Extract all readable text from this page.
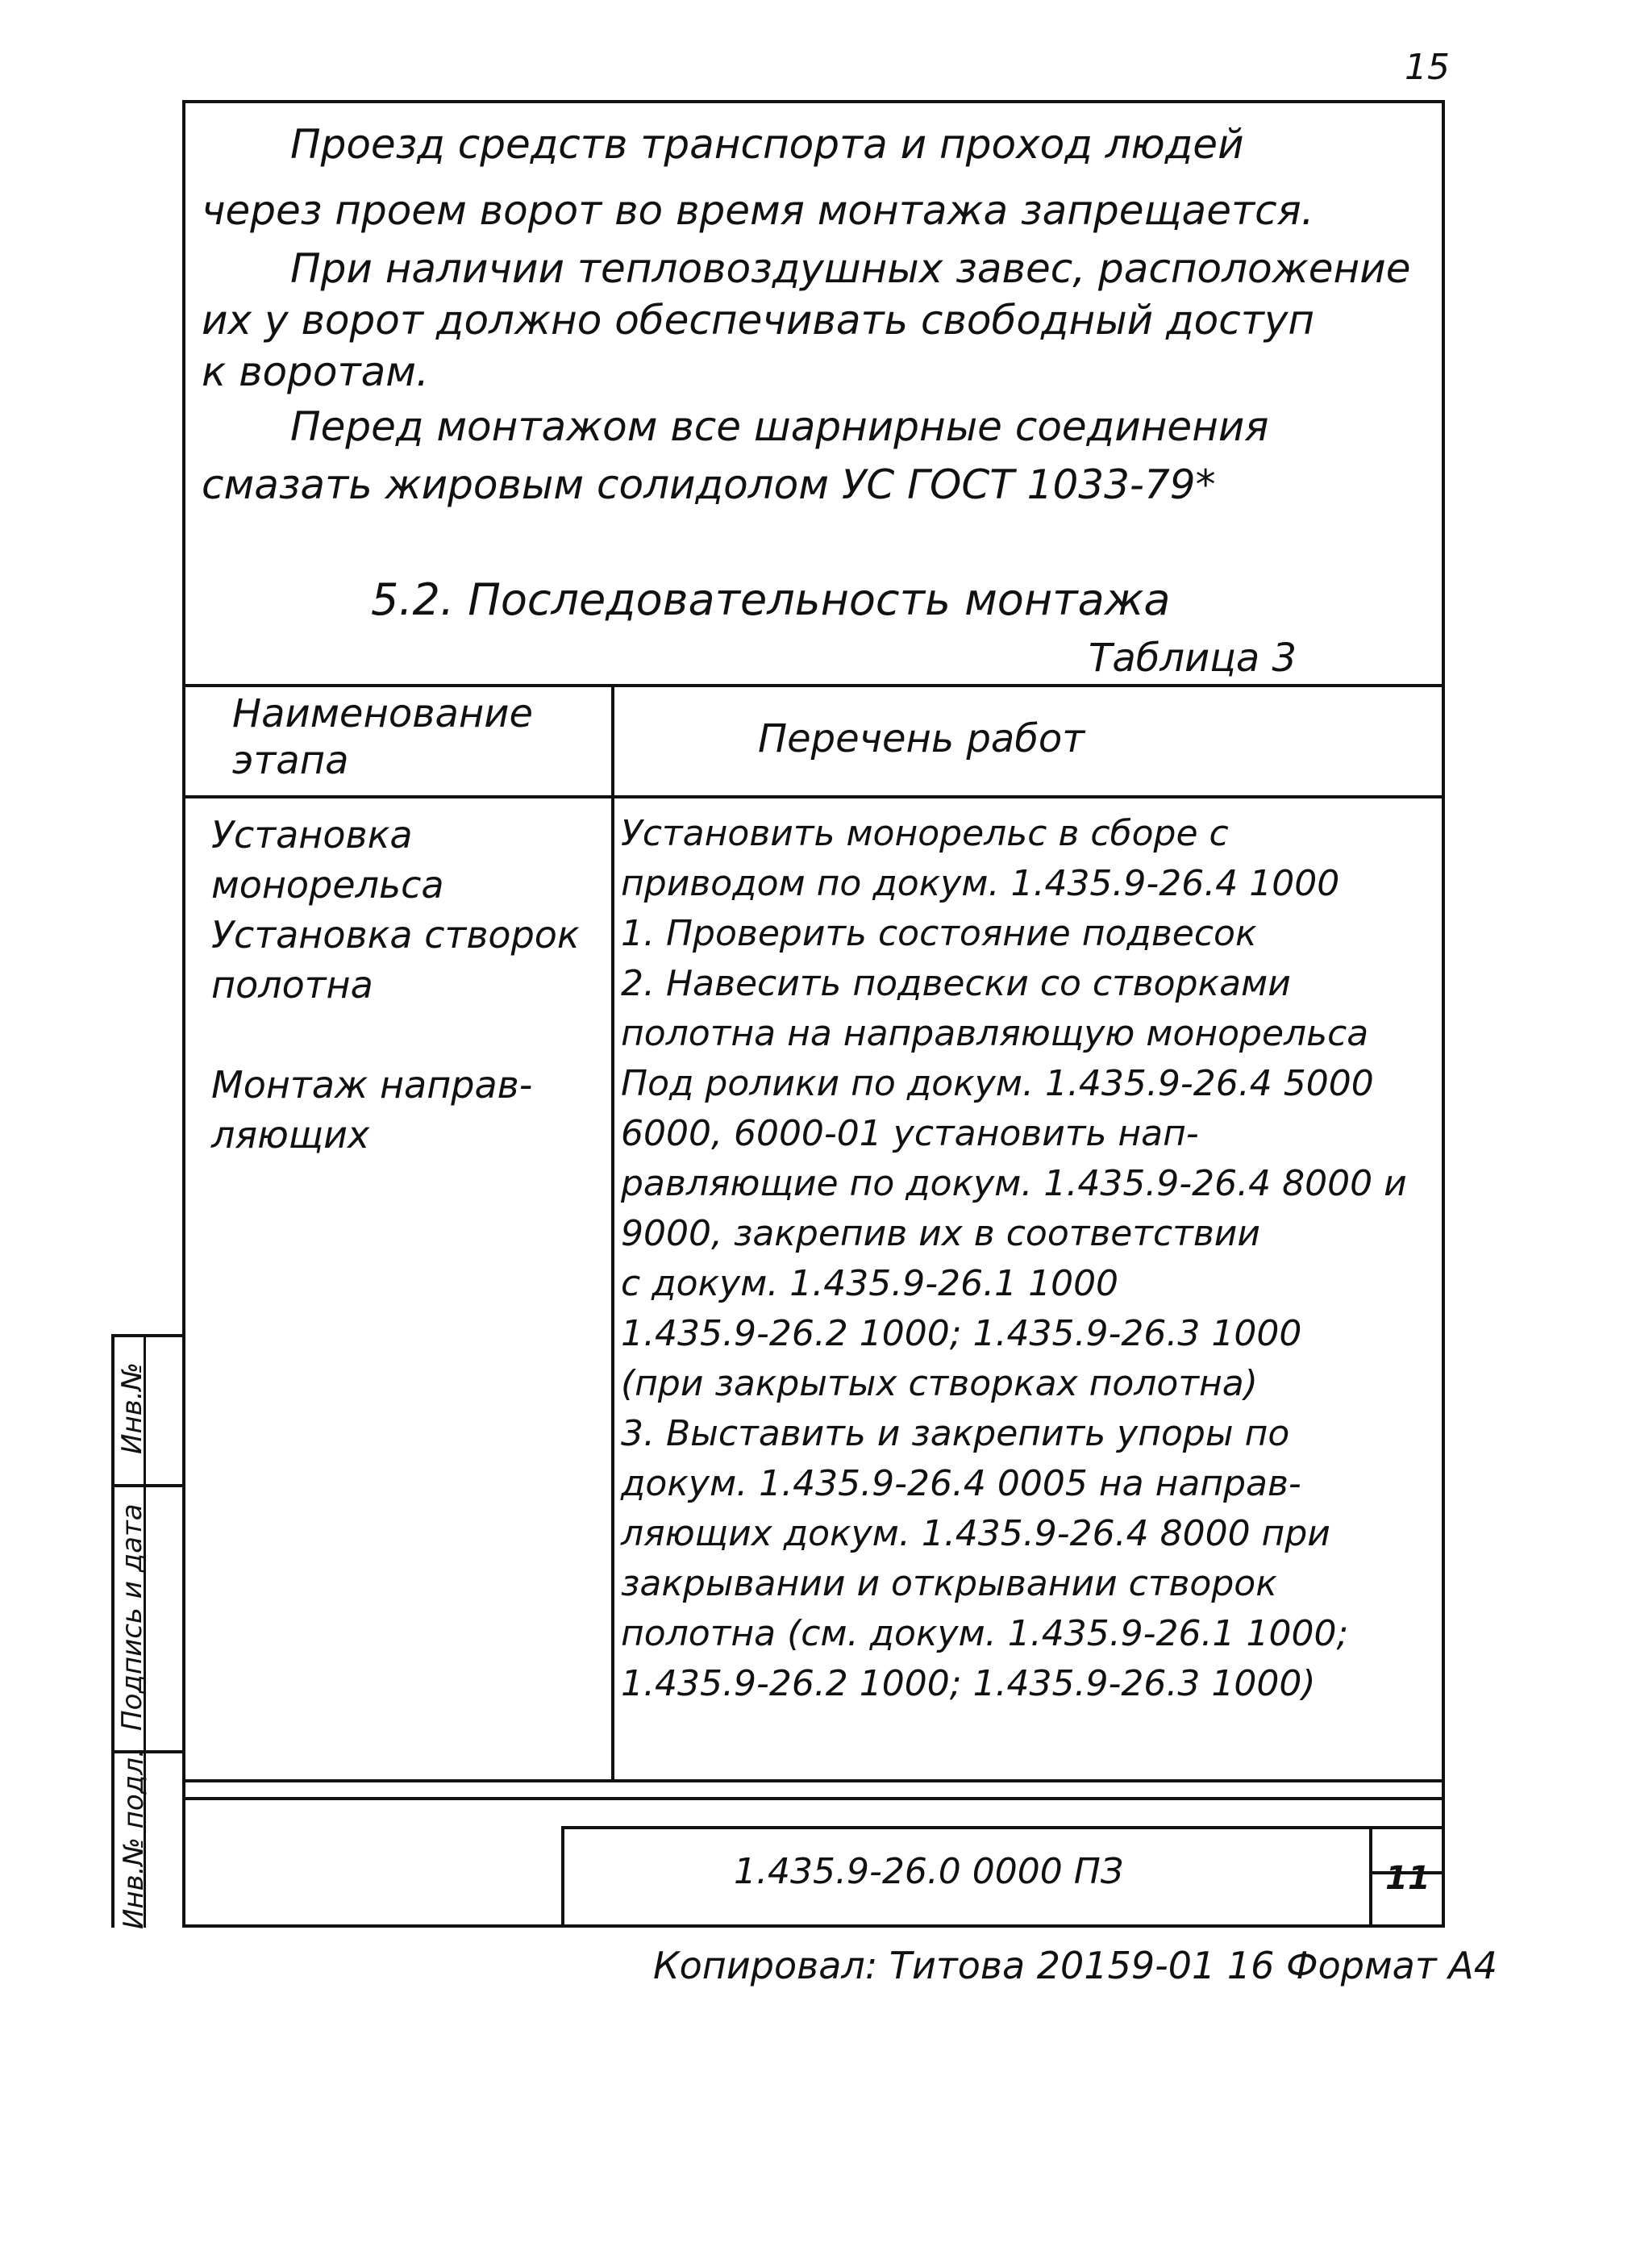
15
Проезд средств транспорта и проход людей
через проем ворот во время монтажа запрещается.
При наличии тепловоздушных завес, расположение
их у ворот должно обеспечивать свободный доступ
к воротам.
Перед монтажом все шарнирные соединения
смазать жировым солидолом УС ГОСТ 1033-79*
5.2. Последовательность монтажа
Таблица 3
Наименование этапа	Перечень работ
Установка
монорельса
Установка створок
полотна
Монтаж направ-
ляющих
Установить монорельс в сборе с
приводом по докум. 1.435.9-26.4 1000
1. Проверить состояние подвесок
2. Навесить подвески со створками
полотна на направляющую монорельса
Под ролики по докум. 1.435.9-26.4 5000
6000, 6000-01 установить нап-
равляющие по докум. 1.435.9-26.4 8000 и
9000, закрепив их в соответствии
с докум. 1.435.9-26.1 1000
1.435.9-26.2 1000; 1.435.9-26.3 1000
(при закрытых створках полотна)
3. Выставить и закрепить упоры по
докум. 1.435.9-26.4 0005 на направ-
ляющих докум. 1.435.9-26.4 8000 при
закрывании и открывании створок
полотна (см. докум. 1.435.9-26.1 1000;
1.435.9-26.2 1000; 1.435.9-26.3 1000)
1.435.9-26.0 0000 ПЗ	11
Инв.№ подл.
Подпись и дата
Инв.№
Копировал: Титова 20159-01 16 Формат А4
